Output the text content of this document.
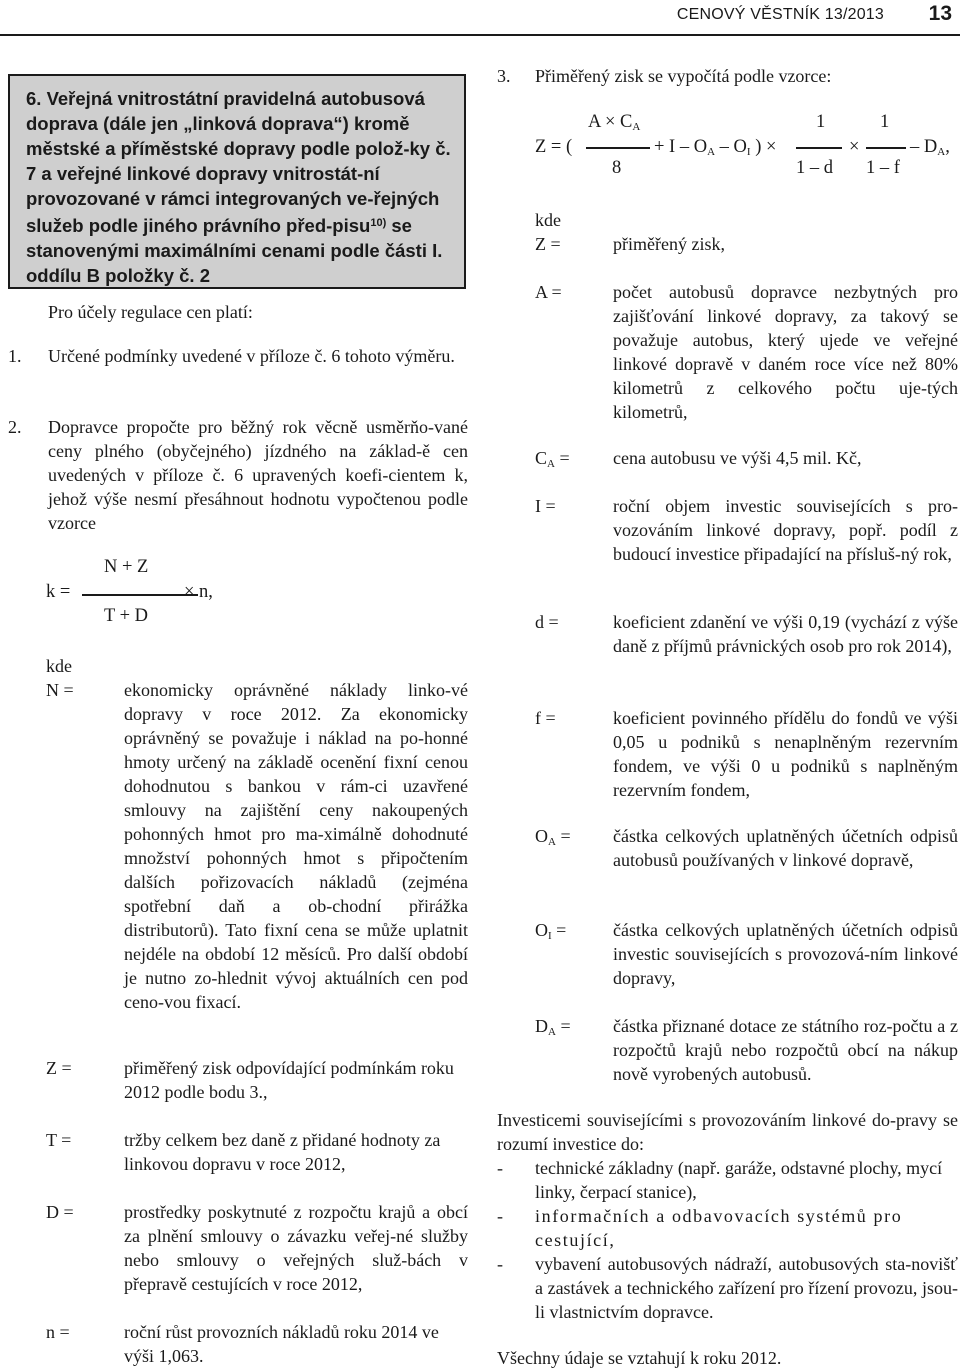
CENOVÝ VĚSTNÍK 13/2013 13

6. Veřejná vnitrostátní pravidelná autobusová doprava (dále jen „linková doprava“) kromě městské a příměstské dopravy podle polož-ky č. 7 a veřejné linkové dopravy vnitrostát-ní provozované v rámci integrovaných ve-řejných služeb podle jiného právního před-pisu$^{10)}$ se stanovenými maximálními cenami podle části I. oddílu B položky č. 2

Pro účely regulace cen platí:

1. Určené podmínky uvedené v příloze č. 6 tohoto výměru.

2. Dopravce propočte pro běžný rok věcně usměrňo-vané ceny plného (obyčejného) jízdného na základ-ě cen uvedených v příloze č. 6 upravených koefi-cientem k, jehož výše nesmí přesáhnout hodnotu vypočtenou podle vzorce

k =
N + Z
T + D
× n,

kde

N =	ekonomicky oprávněné náklady linko-vé dopravy v roce 2012. Za ekonomicky oprávněný se považuje i náklad na po-honné hmoty určený na základě ocenění fixní cenou dohodnutou s bankou v rám-ci uzavřené smlouvy na zajištění ceny nakoupených pohonných hmot pro ma-ximálně dohodnuté množství pohonných hmot s připočtením dalších pořizovacích nákladů (zejména spotřební daň a ob-chodní přirážka distributorů). Tato fixní cena se může uplatnit nejdéle na období 12 měsíců. Pro další období je nutno zo-hlednit vývoj aktuálních cen pod ceno-vou fixací.

Z =	přiměřený zisk odpovídající podmínkám roku 2012 podle bodu 3.,

T =	tržby celkem bez daně z přidané hodnoty za linkovou dopravu v roce 2012,

D =	prostředky poskytnuté z rozpočtu krajů a obcí za plnění smlouvy o závazku veřej-né služby nebo smlouvy o veřejných služ-bách v přepravě cestujících v roce 2012,

n =	roční růst provozních nákladů roku 2014 ve výši 1,063.

3. Přiměřený zisk se vypočítá podle vzorce:

Z = (
$A \times C_A$
8
+ I – $O_A - O_I$ ) ×
1
1 – d
×
1
1 – f
– $D_A$,

kde

Z =	přiměřený zisk,

A =	počet autobusů dopravce nezbytných pro zajišťování linkové dopravy, za takový se považuje autobus, který ujede ve veřejné linkové dopravě v daném roce více než 80% kilometrů z celkového počtu uje-tých kilometrů,

$C_A$ = cena autobusu ve výši 4,5 mil. Kč,

I =	roční objem investic souvisejících s pro-vozováním linkové dopravy, popř. podíl z budoucí investice připadající na přísluš-ný rok,

d =	koeficient zdanění ve výši 0,19 (vychází z výše daně z příjmů právnických osob pro rok 2014),

f =	koeficient povinného přídělu do fondů ve výši 0,05 u podniků s nenaplněným rezervním fondem, ve výši 0 u podniků s naplněným rezervním fondem,

$O_A$ = částka celkových uplatněných účetních odpisů autobusů používaných v linkové dopravě,

$O_I$ =	částka celkových uplatněných účetních odpisů investic souvisejících s provozová-ním linkové dopravy,

$D_A$ = částka přiznané dotace ze státního roz-počtu a z rozpočtů krajů nebo rozpočtů obcí na nákup nově vyrobených autobusů.

Investicemi souvisejícími s provozováním linkové do-pravy se rozumí investice do:

- technické základny (např. garáže, odstavné plochy, mycí linky, čerpací stanice),

- informačních a odbavovacích systémů pro cestující,

- vybavení autobusových nádraží, autobusových sta-novišť a zastávek a technického zařízení pro řízení provozu, jsou-li vlastnictvím dopravce.

Všechny údaje se vztahují k roku 2012.
